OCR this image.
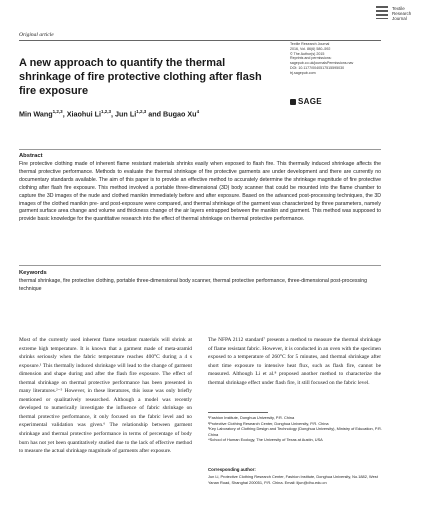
Textile
Research
Journal
Original article
A new approach to quantify the thermal shrinkage of fire protective clothing after flash fire exposure
Textile Research Journal
2016, Vol. 86(6) 580–592
© The Author(s) 2015
Reprints and permissions:
sagepub.co.uk/journalsPermissions.nav
DOI: 10.1177/0040517515595030
trj.sagepub.com
SAGE
Min Wang$^{1,2,3}$, Xiaohui Li$^{1,2,3}$, Jun Li$^{1,2,3}$ and Bugao Xu$^4$
Abstract
Fire protective clothing made of inherent flame resistant materials shrinks easily when exposed to flash fire. This thermally induced shrinkage affects the thermal protective performance. Methods to evaluate the thermal shrinkage of fire protective garments are under development and there are currently no documentary standards available. The aim of this paper is to provide an effective method to accurately determine the shrinkage magnitude of fire protective clothing after flash fire exposure. This method involved a portable three-dimensional (3D) body scanner that could be mounted into the flame chamber to capture the 3D images of the nude and clothed manikin immediately before and after exposure. Based on the advanced post-processing techniques, the 3D images of the clothed manikin pre- and post-exposure were compared, and thermal shrinkage of the garment was characterized by three parameters, namely garment surface area change and volume and thickness change of the air layers entrapped between the manikin and garment. This method was supposed to provide basic knowledge for the quantitative research into the effect of thermal shrinkage on thermal protective performance.
Keywords
thermal shrinkage, fire protective clothing, portable three-dimensional body scanner, thermal protective performance, three-dimensional post-processing technique
Most of the currently used inherent flame retardant materials will shrink at extreme high temperature. It is known that a garment made of meta-aramid shrinks seriously when the fabric temperature reaches 400°C during a 4 s exposure.¹ This thermally induced shrinkage will lead to the change of garment dimension and shape during and after the flash fire exposure. The effect of thermal shrinkage on thermal protective performance has been presented in many literatures.²⁻⁵ However, in these literatures, this issue was only briefly mentioned or qualitatively researched. Although a model was recently developed to numerically investigate the influence of fabric shrinkage on thermal protective performance, it only focused on the fabric level and no experimental validation was given.⁶ The relationship between garment shrinkage and thermal protective performance in terms of percentage of body burn has not yet been quantitatively studied due to the lack of effective method to measure the actual shrinkage magnitude of garments after exposure.
The NFPA 2112 standard⁷ presents a method to measure the thermal shrinkage of flame resistant fabric. However, it is conducted in an oven with the specimen exposed to a temperature of 260°C for 5 minutes, and thermal shrinkage after short time exposure to intensive heat flux, such as flash fire, cannot be measured. Although Li et al.⁸ proposed another method to characterize the thermal shrinkage effect under flash fire, it still focused on the fabric level.
¹Fashion Institute, Donghua University, P.R. China
²Protective Clothing Research Center, Donghua University, P.R. China
³Key Laboratory of Clothing Design and Technology (Donghua University), Ministry of Education, P.R. China
⁴School of Human Ecology, The University of Texas at Austin, USA
Corresponding author:
Jun Li, Protective Clothing Research Center, Fashion Institute, Donghua University, No.1882, West Yanan Road, Shanghai 200051, P.R. China. Email: lijun@dhu.edu.cn
